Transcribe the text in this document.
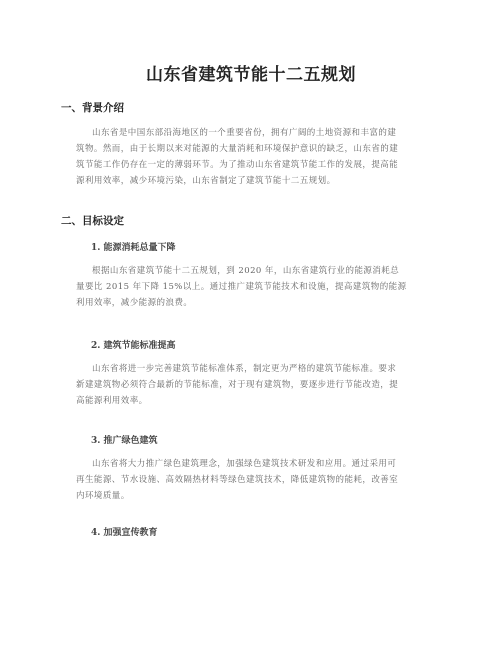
山东省建筑节能十二五规划
一、背景介绍

山东省是中国东部沿海地区的一个重要省份，拥有广阔的土地资源和丰富的建
筑物。然而，由于长期以来对能源的大量消耗和环境保护意识的缺乏，山东省的建
筑节能工作仍存在一定的薄弱环节。为了推动山东省建筑节能工作的发展，提高能
源利用效率，减少环境污染，山东省制定了建筑节能十二五规划。

二、目标设定
1. 能源消耗总量下降

根据山东省建筑节能十二五规划，到 2020 年，山东省建筑行业的能源消耗总
量要比 2015 年下降 15%以上。通过推广建筑节能技术和设施，提高建筑物的能源
利用效率，减少能源的浪费。

2. 建筑节能标准提高

山东省将进一步完善建筑节能标准体系，制定更为严格的建筑节能标准。要求
新建建筑物必须符合最新的节能标准，对于现有建筑物，要逐步进行节能改造，提
高能源利用效率。

3. 推广绿色建筑

山东省将大力推广绿色建筑理念，加强绿色建筑技术研发和应用。通过采用可
再生能源、节水设施、高效隔热材料等绿色建筑技术，降低建筑物的能耗，改善室
内环境质量。

4. 加强宣传教育
